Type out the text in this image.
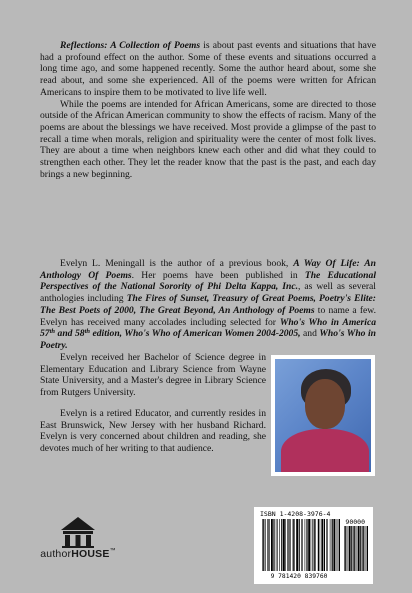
Reflections: A Collection of Poems is about past events and situations that have had a profound effect on the author. Some of these events and situations occurred a long time ago, and some happened recently. Some the author heard about, some she read about, and some she experienced. All of the poems were written for African Americans to inspire them to be motivated to live life well.

While the poems are intended for African Americans, some are directed to those outside of the African American community to show the effects of racism. Many of the poems are about the blessings we have received. Most provide a glimpse of the past to recall a time when morals, religion and spirituality were the center of most folk lives. They are about a time when neighbors knew each other and did what they could to strengthen each other. They let the reader know that the past is the past, and each day brings a new beginning.

Evelyn L. Meningall is the author of a previous book, A Way Of Life: An Anthology Of Poems. Her poems have been published in The Educational Perspectives of the National Sorority of Phi Delta Kappa, Inc., as well as several anthologies including The Fires of Sunset, Treasury of Great Poems, Poetry's Elite: The Best Poets of 2000, The Great Beyond, An Anthology of Poems to name a few. Evelyn has received many accolades including selected for Who's Who in America 57th and 58th edition, Who's Who of American Women 2004-2005, and Who's Who in Poetry.

Evelyn received her Bachelor of Science degree in Elementary Education and Library Science from Wayne State University, and a Master's degree in Library Science from Rutgers University.

Evelyn is a retired Educator, and currently resides in East Brunswick, New Jersey with her husband Richard. Evelyn is very concerned about children and reading, she devotes much of her writing to that audience.

authorHOUSE™
ISBN 1-4208-3976-4
90000
9 781420 839760
